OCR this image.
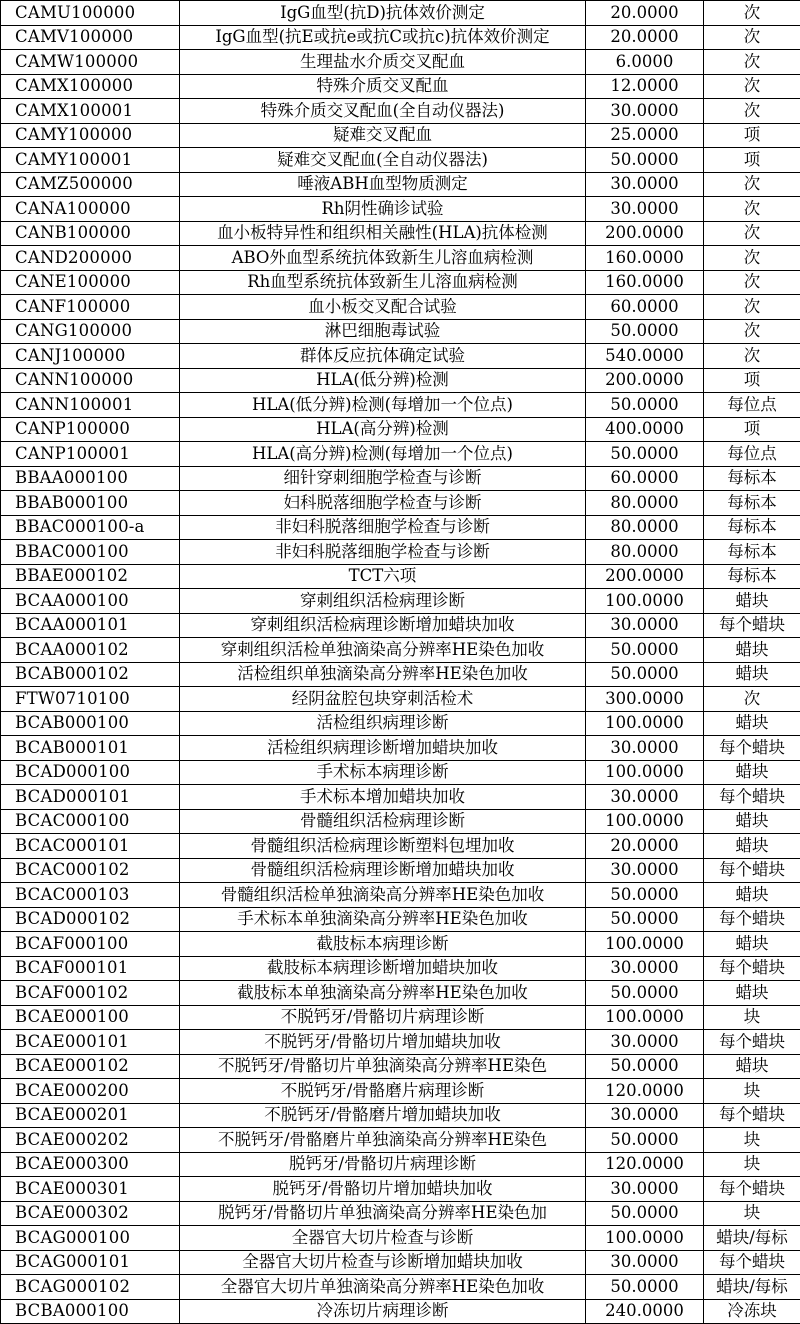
CAMU100000	IgG血型(抗D)抗体效价测定	20.0000	次
CAMV100000	IgG血型(抗E或抗e或抗C或抗c)抗体效价测定	20.0000	次
CAMW100000	生理盐水介质交叉配血	6.0000	次
CAMX100000	特殊介质交叉配血	12.0000	次
CAMX100001	特殊介质交叉配血(全自动仪器法)	30.0000	次
CAMY100000	疑难交叉配血	25.0000	项
CAMY100001	疑难交叉配血(全自动仪器法)	50.0000	项
CAMZ500000	唾液ABH血型物质测定	30.0000	次
CANA100000	Rh阴性确诊试验	30.0000	次
CANB100000	血小板特异性和组织相关融性(HLA)抗体检测	200.0000	次
CAND200000	ABO外血型系统抗体致新生儿溶血病检测	160.0000	次
CANE100000	Rh血型系统抗体致新生儿溶血病检测	160.0000	次
CANF100000	血小板交叉配合试验	60.0000	次
CANG100000	淋巴细胞毒试验	50.0000	次
CANJ100000	群体反应抗体确定试验	540.0000	次
CANN100000	HLA(低分辨)检测	200.0000	项
CANN100001	HLA(低分辨)检测(每增加一个位点)	50.0000	每位点
CANP100000	HLA(高分辨)检测	400.0000	项
CANP100001	HLA(高分辨)检测(每增加一个位点)	50.0000	每位点
BBAA000100	细针穿刺细胞学检查与诊断	60.0000	每标本
BBAB000100	妇科脱落细胞学检查与诊断	80.0000	每标本
BBAC000100-a	非妇科脱落细胞学检查与诊断	80.0000	每标本
BBAC000100	非妇科脱落细胞学检查与诊断	80.0000	每标本
BBAE000102	TCT六项	200.0000	每标本
BCAA000100	穿刺组织活检病理诊断	100.0000	蜡块
BCAA000101	穿刺组织活检病理诊断增加蜡块加收	30.0000	每个蜡块
BCAA000102	穿刺组织活检单独滴染高分辨率HE染色加收	50.0000	蜡块
BCAB000102	活检组织单独滴染高分辨率HE染色加收	50.0000	蜡块
FTW0710100	经阴盆腔包块穿刺活检术	300.0000	次
BCAB000100	活检组织病理诊断	100.0000	蜡块
BCAB000101	活检组织病理诊断增加蜡块加收	30.0000	每个蜡块
BCAD000100	手术标本病理诊断	100.0000	蜡块
BCAD000101	手术标本增加蜡块加收	30.0000	每个蜡块
BCAC000100	骨髓组织活检病理诊断	100.0000	蜡块
BCAC000101	骨髓组织活检病理诊断塑料包埋加收	20.0000	蜡块
BCAC000102	骨髓组织活检病理诊断增加蜡块加收	30.0000	每个蜡块
BCAC000103	骨髓组织活检单独滴染高分辨率HE染色加收	50.0000	蜡块
BCAD000102	手术标本单独滴染高分辨率HE染色加收	50.0000	每个蜡块
BCAF000100	截肢标本病理诊断	100.0000	蜡块
BCAF000101	截肢标本病理诊断增加蜡块加收	30.0000	每个蜡块
BCAF000102	截肢标本单独滴染高分辨率HE染色加收	50.0000	蜡块
BCAE000100	不脱钙牙/骨骼切片病理诊断	100.0000	块
BCAE000101	不脱钙牙/骨骼切片增加蜡块加收	30.0000	每个蜡块
BCAE000102	不脱钙牙/骨骼切片单独滴染高分辨率HE染色	50.0000	蜡块
BCAE000200	不脱钙牙/骨骼磨片病理诊断	120.0000	块
BCAE000201	不脱钙牙/骨骼磨片增加蜡块加收	30.0000	每个蜡块
BCAE000202	不脱钙牙/骨骼磨片单独滴染高分辨率HE染色	50.0000	块
BCAE000300	脱钙牙/骨骼切片病理诊断	120.0000	块
BCAE000301	脱钙牙/骨骼切片增加蜡块加收	30.0000	每个蜡块
BCAE000302	脱钙牙/骨骼切片单独滴染高分辨率HE染色加	50.0000	块
BCAG000100	全器官大切片检查与诊断	100.0000	蜡块/每标
BCAG000101	全器官大切片检查与诊断增加蜡块加收	30.0000	每个蜡块
BCAG000102	全器官大切片单独滴染高分辨率HE染色加收	50.0000	蜡块/每标
BCBA000100	冷冻切片病理诊断	240.0000	冷冻块
